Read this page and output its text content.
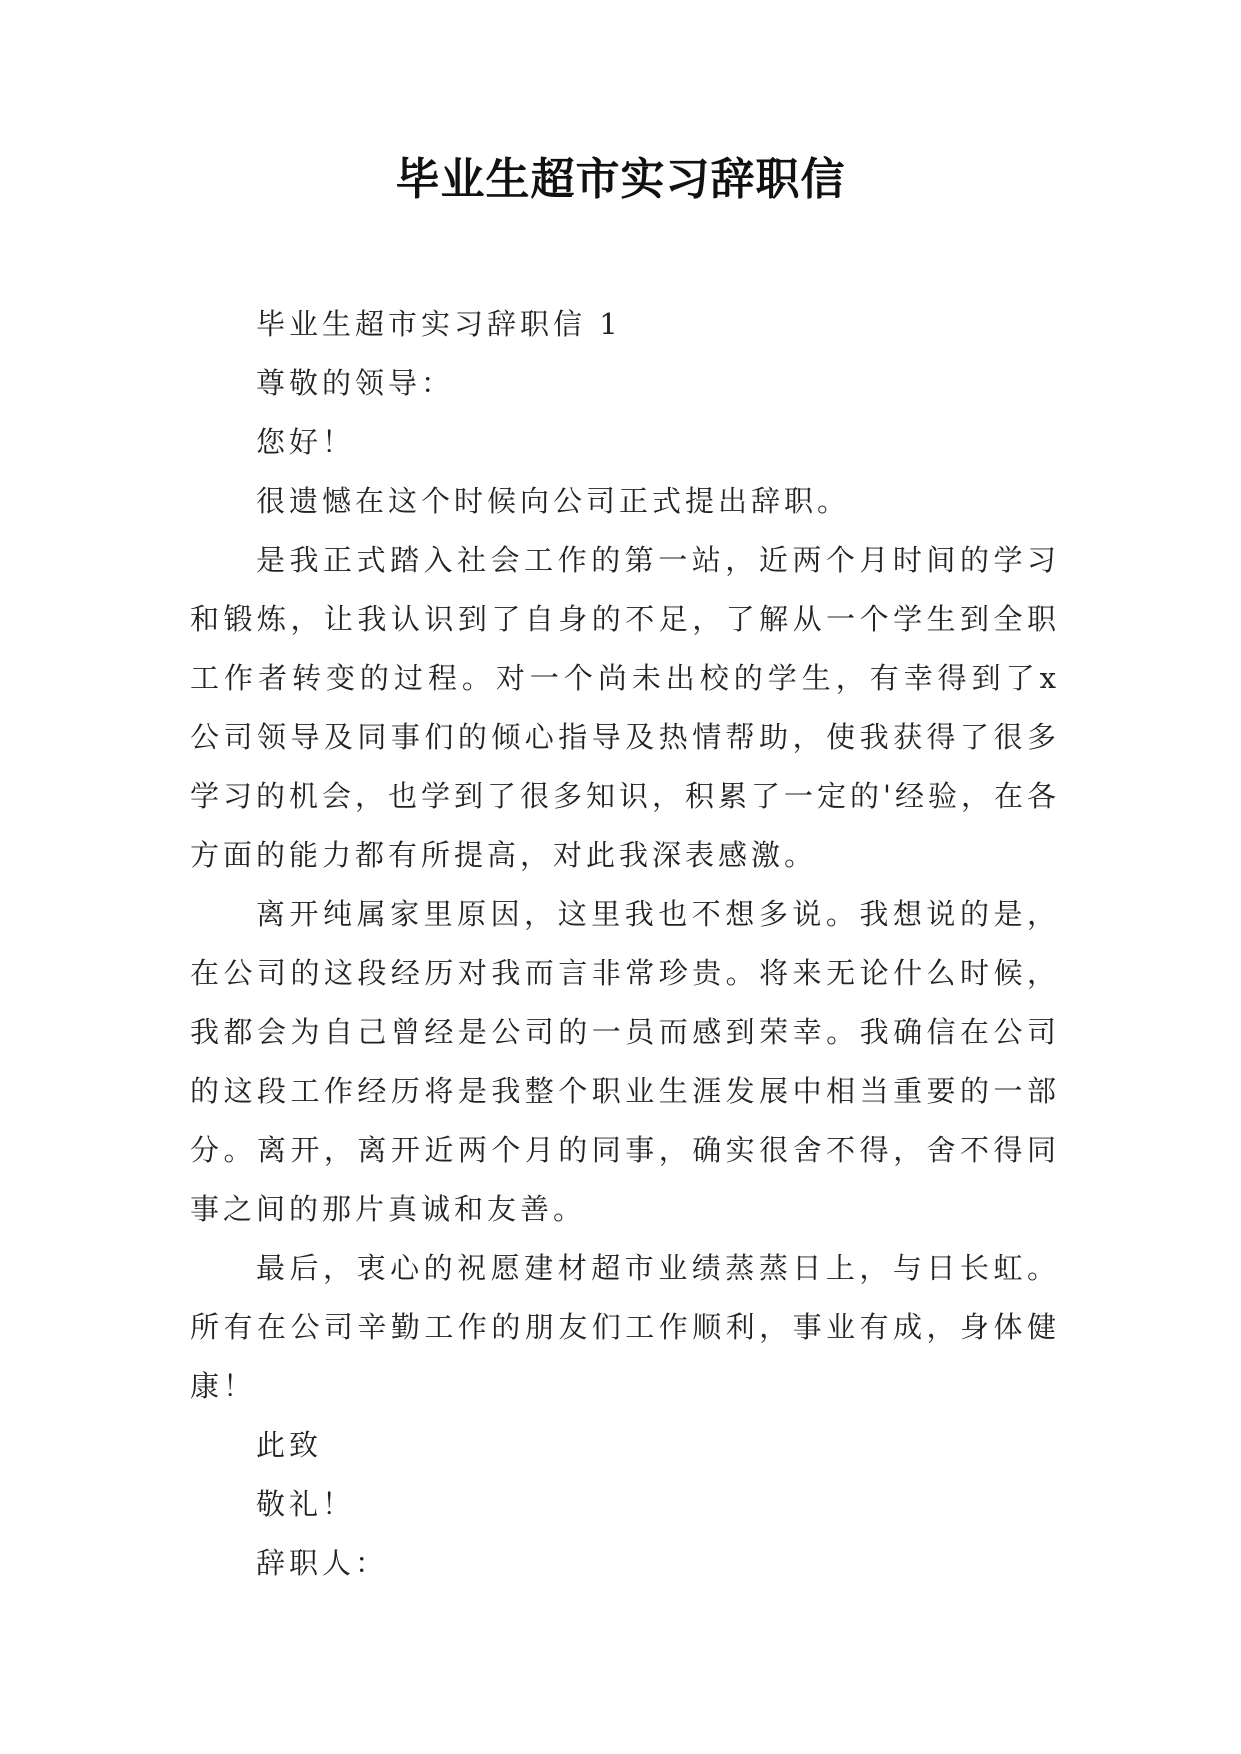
毕业生超市实习辞职信

毕业生超市实习辞职信 1

尊敬的领导：

您好！

很遗憾在这个时候向公司正式提出辞职。

是我正式踏入社会工作的第一站，近两个月时间的学习和锻炼，让我认识到了自身的不足，了解从一个学生到全职工作者转变的过程。对一个尚未出校的学生，有幸得到了x公司领导及同事们的倾心指导及热情帮助，使我获得了很多学习的机会，也学到了很多知识，积累了一定的'经验，在各方面的能力都有所提高，对此我深表感激。

离开纯属家里原因，这里我也不想多说。我想说的是，在公司的这段经历对我而言非常珍贵。将来无论什么时候，我都会为自己曾经是公司的一员而感到荣幸。我确信在公司的这段工作经历将是我整个职业生涯发展中相当重要的一部分。离开，离开近两个月的同事，确实很舍不得，舍不得同事之间的那片真诚和友善。

最后，衷心的祝愿建材超市业绩蒸蒸日上，与日长虹。所有在公司辛勤工作的朋友们工作顺利，事业有成，身体健康！

此致

敬礼！

辞职人：
